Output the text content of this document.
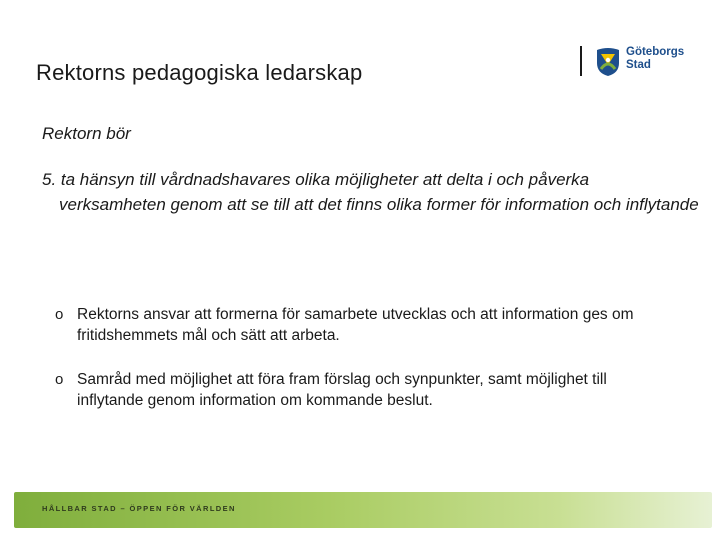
Rektorns pedagogiska ledarskap
Göteborgs
Stad
Rektorn bör
5. ta hänsyn till vårdnadshavares olika möjligheter att delta i och påverka verksamheten genom att se till att det finns olika former för information och inflytande
o Rektorns ansvar att formerna för samarbete utvecklas och att information ges om fritidshemmets mål och sätt att arbeta.
o Samråd med möjlighet att föra fram förslag och synpunkter, samt möjlighet till inflytande genom information om kommande beslut.
HÅLLBAR STAD – ÖPPEN FÖR VÄRLDEN
